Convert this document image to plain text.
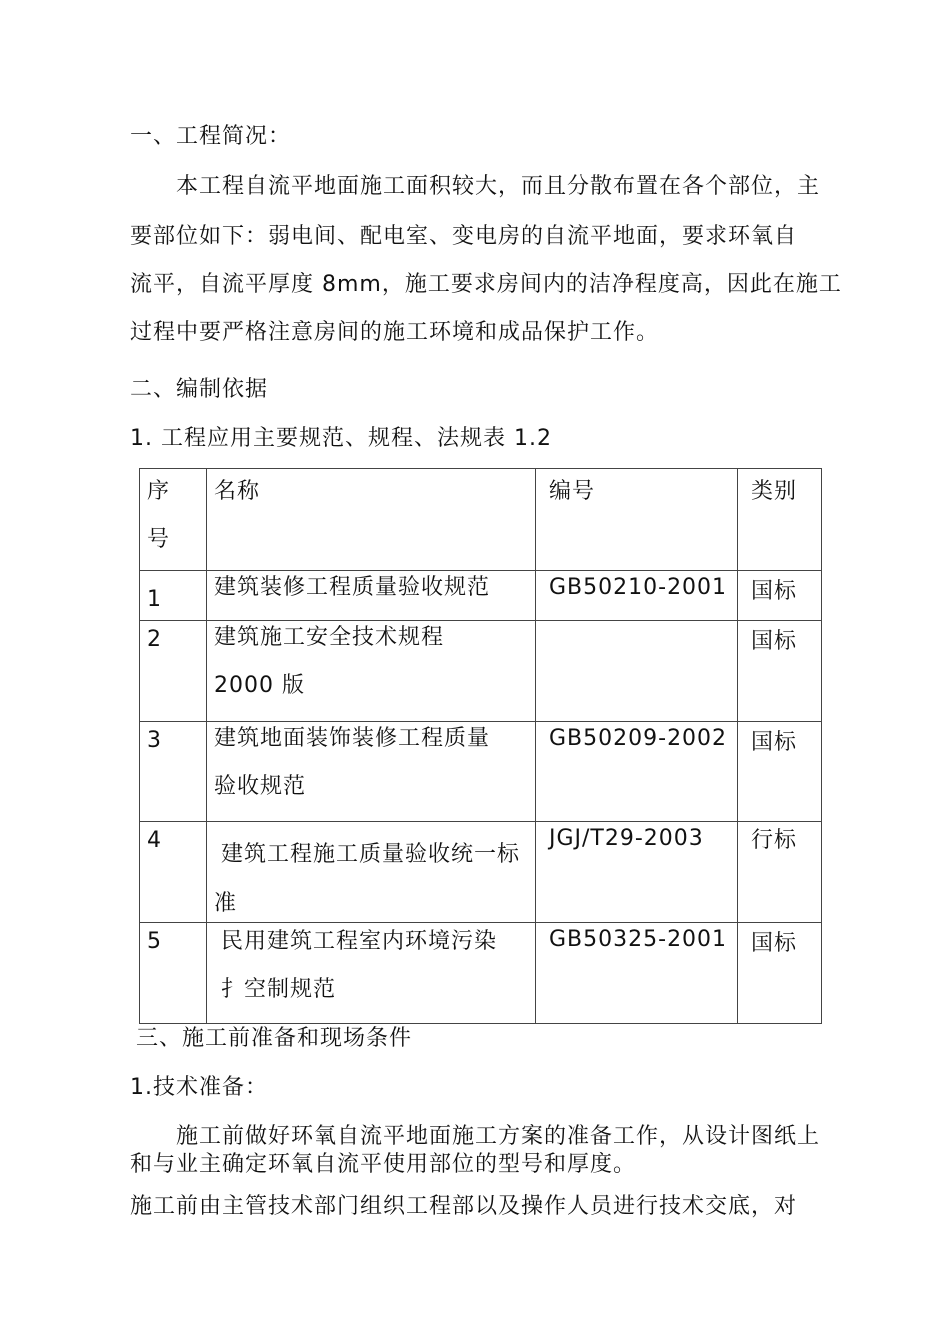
一、工程简况：
本工程自流平地面施工面积较大，而且分散布置在各个部位，主
要部位如下：弱电间、配电室、变电房的自流平地面，要求环氧自
流平，自流平厚度 8mm，施工要求房间内的洁净程度高，因此在施工
过程中要严格注意房间的施工环境和成品保护工作。
二、编制依据
1. 工程应用主要规范、规程、法规表 1.2
序
号	名称	编号	类别

1	建筑装修工程质量验收规范	GB50210-2001	国标

2	建筑施工安全技术规程
2000 版		国标

3	建筑地面装饰装修工程质量
验收规范	GB50209-2002	国标

4	建筑工程施工质量验收统一标
准	JGJ/T29-2003	行标

5	民用建筑工程室内环境污染
扌空制规范	GB50325-2001	国标
三、施工前准备和现场条件
1.技术准备：
施工前做好环氧自流平地面施工方案的准备工作，从设计图纸上
和与业主确定环氧自流平使用部位的型号和厚度。
施工前由主管技术部门组织工程部以及操作人员进行技术交底，对
